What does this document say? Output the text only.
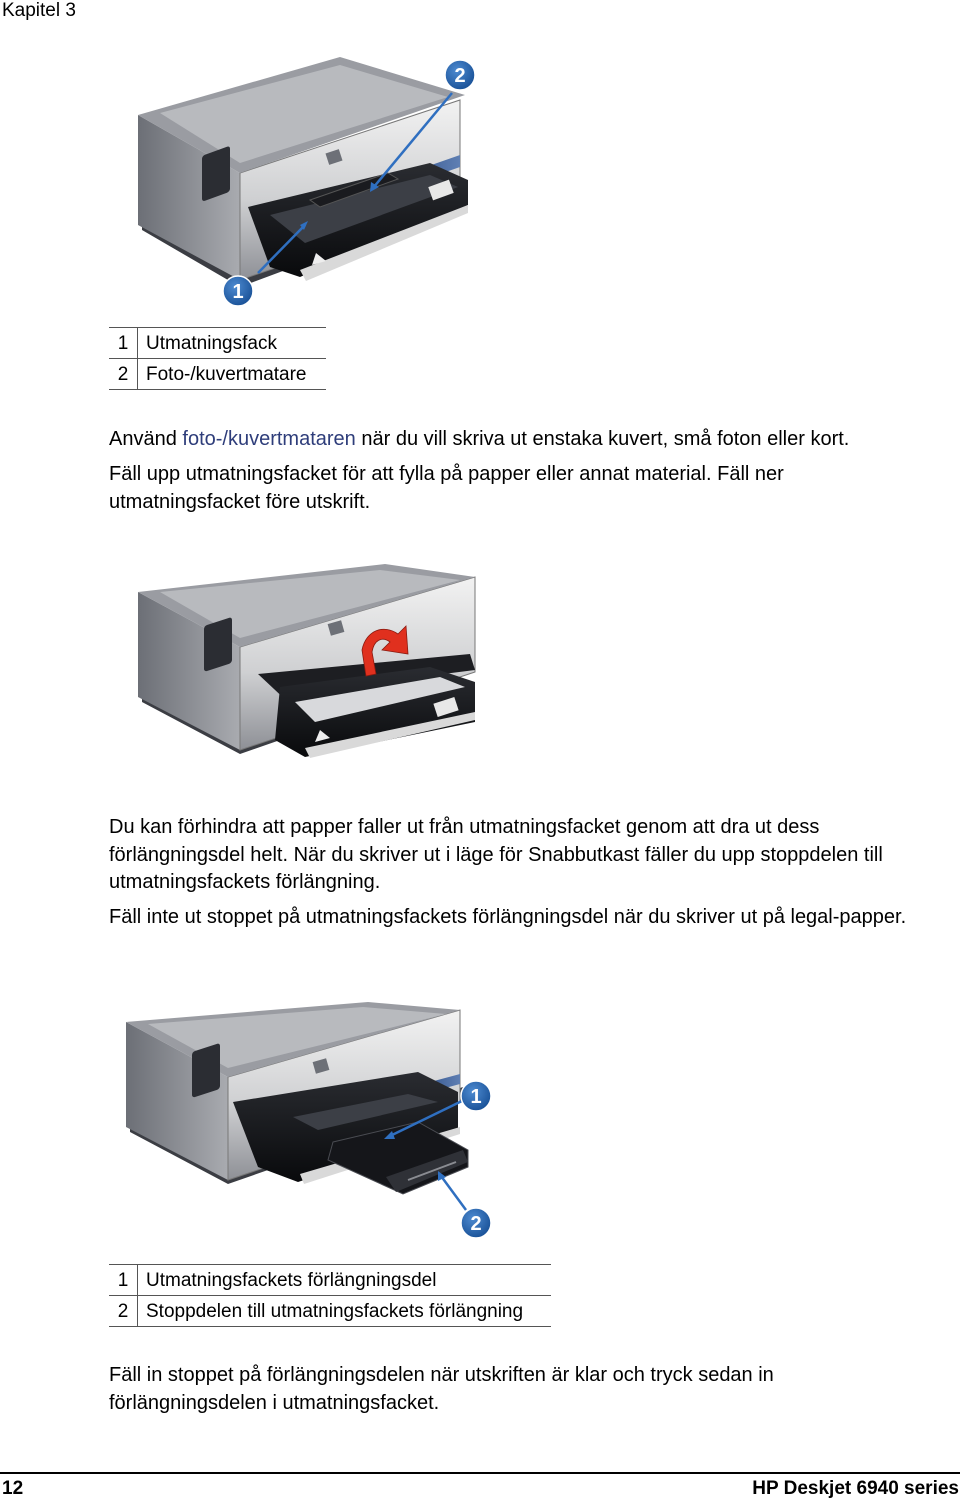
Kapitel 3
1
2
1	Utmatningsfack
2	Foto-/kuvertmatare

Använd foto-/kuvertmataren när du vill skriva ut enstaka kuvert, små foton eller kort.

Fäll upp utmatningsfacket för att fylla på papper eller annat material. Fäll ner utmatningsfacket före utskrift.

Du kan förhindra att papper faller ut från utmatningsfacket genom att dra ut dess förlängningsdel helt. När du skriver ut i läge för Snabbutkast fäller du upp stoppdelen till utmatningsfackets förlängning.

Fäll inte ut stoppet på utmatningsfackets förlängningsdel när du skriver ut på legal-papper.

1
2
1	Utmatningsfackets förlängningsdel
2	Stoppdelen till utmatningsfackets förlängning

Fäll in stoppet på förlängningsdelen när utskriften är klar och tryck sedan in förlängningsdelen i utmatningsfacket.

12	HP Deskjet 6940 series
